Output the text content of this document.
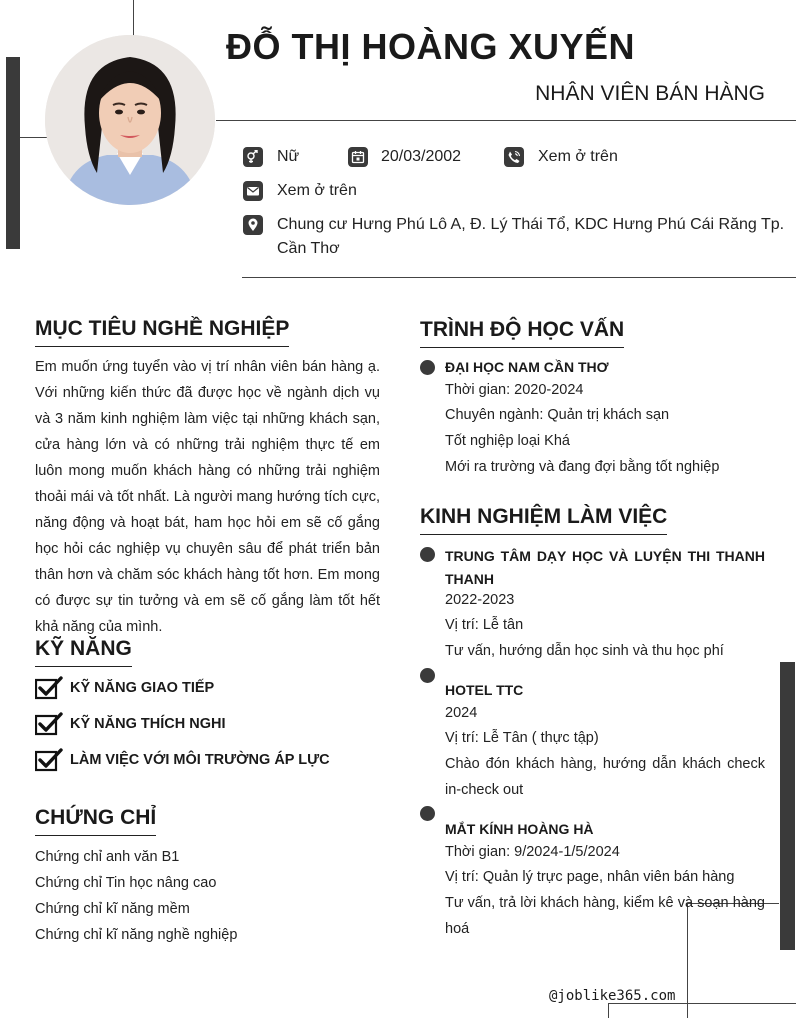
ĐỖ THỊ HOÀNG XUYẾN
NHÂN VIÊN BÁN HÀNG
Nữ	20/03/2002	Xem ở trên
Xem ở trên
Chung cư Hưng Phú Lô A, Đ. Lý Thái Tổ, KDC Hưng Phú Cái Răng Tp.
Cần Thơ
MỤC TIÊU NGHỀ NGHIỆP
Em muốn ứng tuyển vào vị trí nhân viên bán hàng ạ. Với những kiến thức đã được học về ngành dịch vụ và 3 năm kinh nghiệm làm việc tại những khách sạn, cửa hàng lớn và có những trải nghiệm thực tế em luôn mong muốn khách hàng có những trải nghiệm thoải mái và tốt nhất. Là người mang hướng tích cực, năng động và hoạt bát, ham học hỏi em sẽ cố gắng học hỏi các nghiệp vụ chuyên sâu để phát triển bản thân hơn và chăm sóc khách hàng tốt hơn. Em mong có được sự tin tưởng và em sẽ cố gắng làm tốt hết khả năng của mình.
KỸ NĂNG
KỸ NĂNG GIAO TIẾP
KỸ NĂNG THÍCH NGHI
LÀM VIỆC VỚI MÔI TRƯỜNG ÁP LỰC
CHỨNG CHỈ
Chứng chỉ anh văn B1
Chứng chỉ Tin học nâng cao
Chứng chỉ kĩ năng mềm
Chứng chỉ kĩ năng nghề nghiệp
TRÌNH ĐỘ HỌC VẤN
ĐẠI HỌC NAM CẦN THƠ
Thời gian: 2020-2024
Chuyên ngành: Quản trị khách sạn
Tốt nghiệp loại Khá
Mới ra trường và đang đợi bằng tốt nghiệp
KINH NGHIỆM LÀM VIỆC
TRUNG TÂM DẠY HỌC VÀ LUYỆN THI THANH THANH
2022-2023
Vị trí: Lễ tân
Tư vấn, hướng dẫn học sinh và thu học phí
HOTEL TTC
2024
Vị trí: Lễ Tân ( thực tập)
Chào đón khách hàng, hướng dẫn khách check in-check out
MẮT KÍNH HOÀNG HÀ
Thời gian: 9/2024-1/5/2024
Vị trí: Quản lý trực page, nhân viên bán hàng
Tư vấn, trả lời khách hàng, kiểm kê và soạn hàng hoá
@joblike365.com
